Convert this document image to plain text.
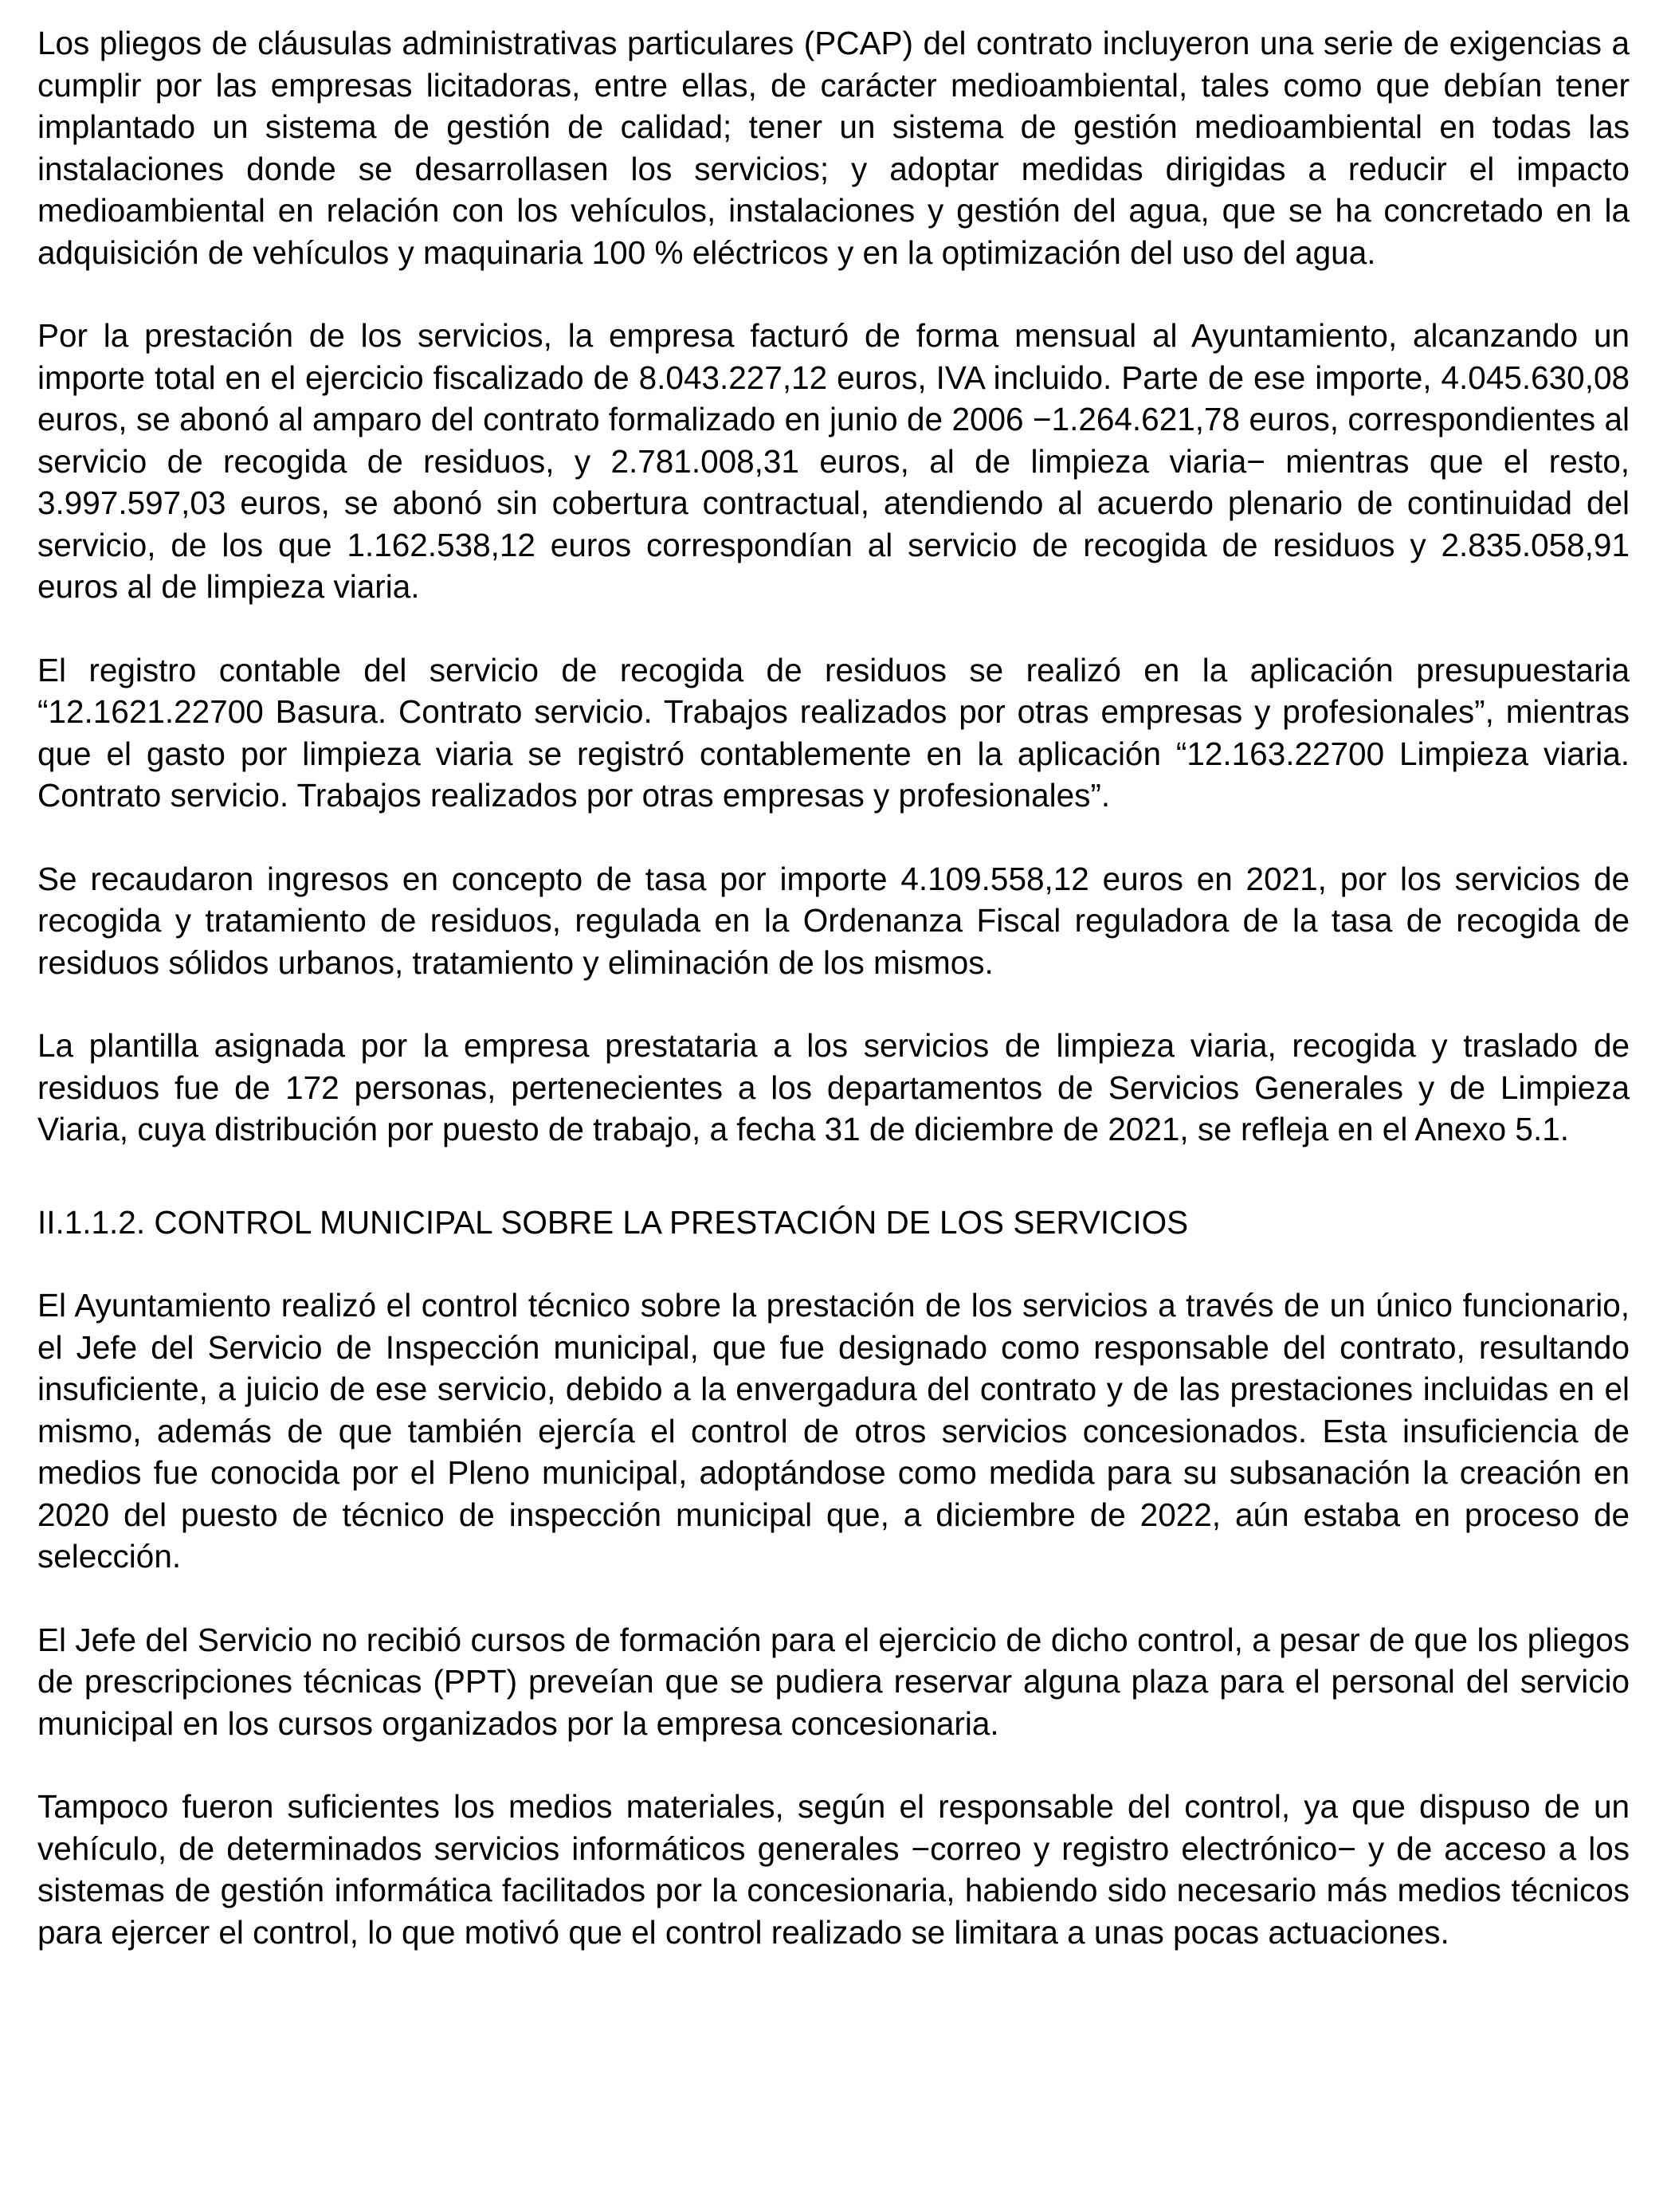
Los pliegos de cláusulas administrativas particulares (PCAP) del contrato incluyeron una serie de exigencias a cumplir por las empresas licitadoras, entre ellas, de carácter medioambiental, tales como que debían tener implantado un sistema de gestión de calidad; tener un sistema de gestión medioambiental en todas las instalaciones donde se desarrollasen los servicios; y adoptar medidas dirigidas a reducir el impacto medioambiental en relación con los vehículos, instalaciones y gestión del agua, que se ha concretado en la adquisición de vehículos y maquinaria 100 % eléctricos y en la optimización del uso del agua.

Por la prestación de los servicios, la empresa facturó de forma mensual al Ayuntamiento, alcanzando un importe total en el ejercicio fiscalizado de 8.043.227,12 euros, IVA incluido. Parte de ese importe, 4.045.630,08 euros, se abonó al amparo del contrato formalizado en junio de 2006 −1.264.621,78 euros, correspondientes al servicio de recogida de residuos, y 2.781.008,31 euros, al de limpieza viaria− mientras que el resto, 3.997.597,03 euros, se abonó sin cobertura contractual, atendiendo al acuerdo plenario de continuidad del servicio, de los que 1.162.538,12 euros correspondían al servicio de recogida de residuos y 2.835.058,91 euros al de limpieza viaria.

El registro contable del servicio de recogida de residuos se realizó en la aplicación presupuestaria “12.1621.22700 Basura. Contrato servicio. Trabajos realizados por otras empresas y profesionales”, mientras que el gasto por limpieza viaria se registró contablemente en la aplicación “12.163.22700 Limpieza viaria. Contrato servicio. Trabajos realizados por otras empresas y profesionales”.

Se recaudaron ingresos en concepto de tasa por importe 4.109.558,12 euros en 2021, por los servicios de recogida y tratamiento de residuos, regulada en la Ordenanza Fiscal reguladora de la tasa de recogida de residuos sólidos urbanos, tratamiento y eliminación de los mismos.

La plantilla asignada por la empresa prestataria a los servicios de limpieza viaria, recogida y traslado de residuos fue de 172 personas, pertenecientes a los departamentos de Servicios Generales y de Limpieza Viaria, cuya distribución por puesto de trabajo, a fecha 31 de diciembre de 2021, se refleja en el Anexo 5.1.

II.1.1.2. CONTROL MUNICIPAL SOBRE LA PRESTACIÓN DE LOS SERVICIOS

El Ayuntamiento realizó el control técnico sobre la prestación de los servicios a través de un único funcionario, el Jefe del Servicio de Inspección municipal, que fue designado como responsable del contrato, resultando insuficiente, a juicio de ese servicio, debido a la envergadura del contrato y de las prestaciones incluidas en el mismo, además de que también ejercía el control de otros servicios concesionados. Esta insuficiencia de medios fue conocida por el Pleno municipal, adoptándose como medida para su subsanación la creación en 2020 del puesto de técnico de inspección municipal que, a diciembre de 2022, aún estaba en proceso de selección.

El Jefe del Servicio no recibió cursos de formación para el ejercicio de dicho control, a pesar de que los pliegos de prescripciones técnicas (PPT) preveían que se pudiera reservar alguna plaza para el personal del servicio municipal en los cursos organizados por la empresa concesionaria.

Tampoco fueron suficientes los medios materiales, según el responsable del control, ya que dispuso de un vehículo, de determinados servicios informáticos generales −correo y registro electrónico− y de acceso a los sistemas de gestión informática facilitados por la concesionaria, habiendo sido necesario más medios técnicos para ejercer el control, lo que motivó que el control realizado se limitara a unas pocas actuaciones.
